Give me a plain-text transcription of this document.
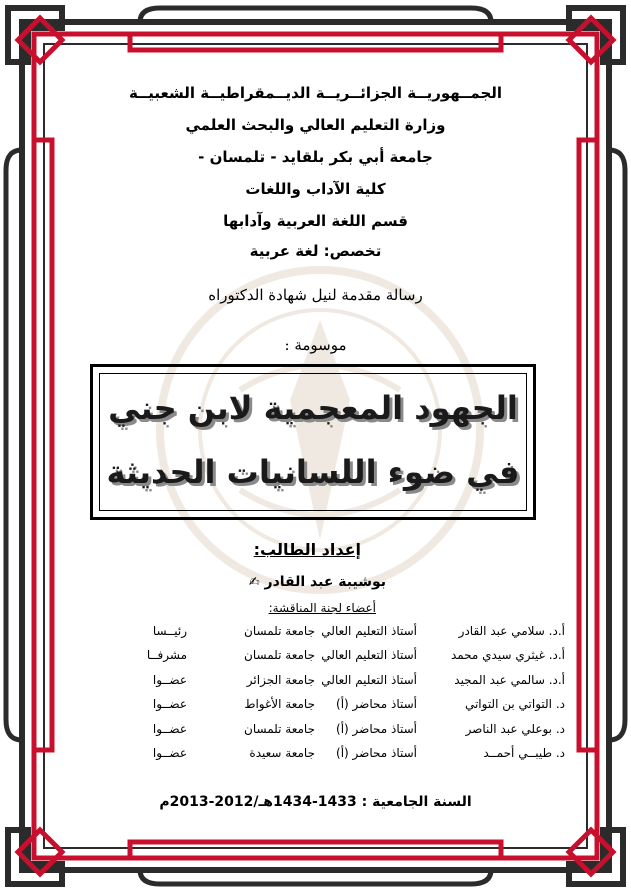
الجمــهوريــة الجزائــريــة الديــمقراطيــة الشعبيــة
وزارة التعليم العالي والبحث العلمي
جامعة أبي بكر بلقايد - تلمسان -
كلية الآداب واللغات
قسم اللغة العربية وآدابها
تخصص: لغة عربية
رسالة مقدمة لنيل شهادة الدكتوراه
موسومة :
الجهود المعجمية لابن جني
في ضوء اللسانيات الحديثة
إعداد الطالب:
بوشيبة عبد القادر ✍
أعضاء لجنة المناقشة:
أ.د. سلامي عبد القادر
أستاذ التعليم العالي
جامعة تلمسان
رئيــسا
أ.د. غيثري سيدي محمد
أستاذ التعليم العالي
جامعة تلمسان
مشرفــا
أ.د. سالمي عبد المجيد
أستاذ التعليم العالي
جامعة الجزائر
عضــوا
د. التواتي بن التواتي
أستاذ محاضر (أ)
جامعة الأغواط
عضــوا
د. بوعلي عبد الناصر
أستاذ محاضر (أ)
جامعة تلمسان
عضــوا
د. طيبــي أحمــد
أستاذ محاضر (أ)
جامعة سعيدة
عضــوا
السنة الجامعية : 1433-1434هـ/2012-2013م
